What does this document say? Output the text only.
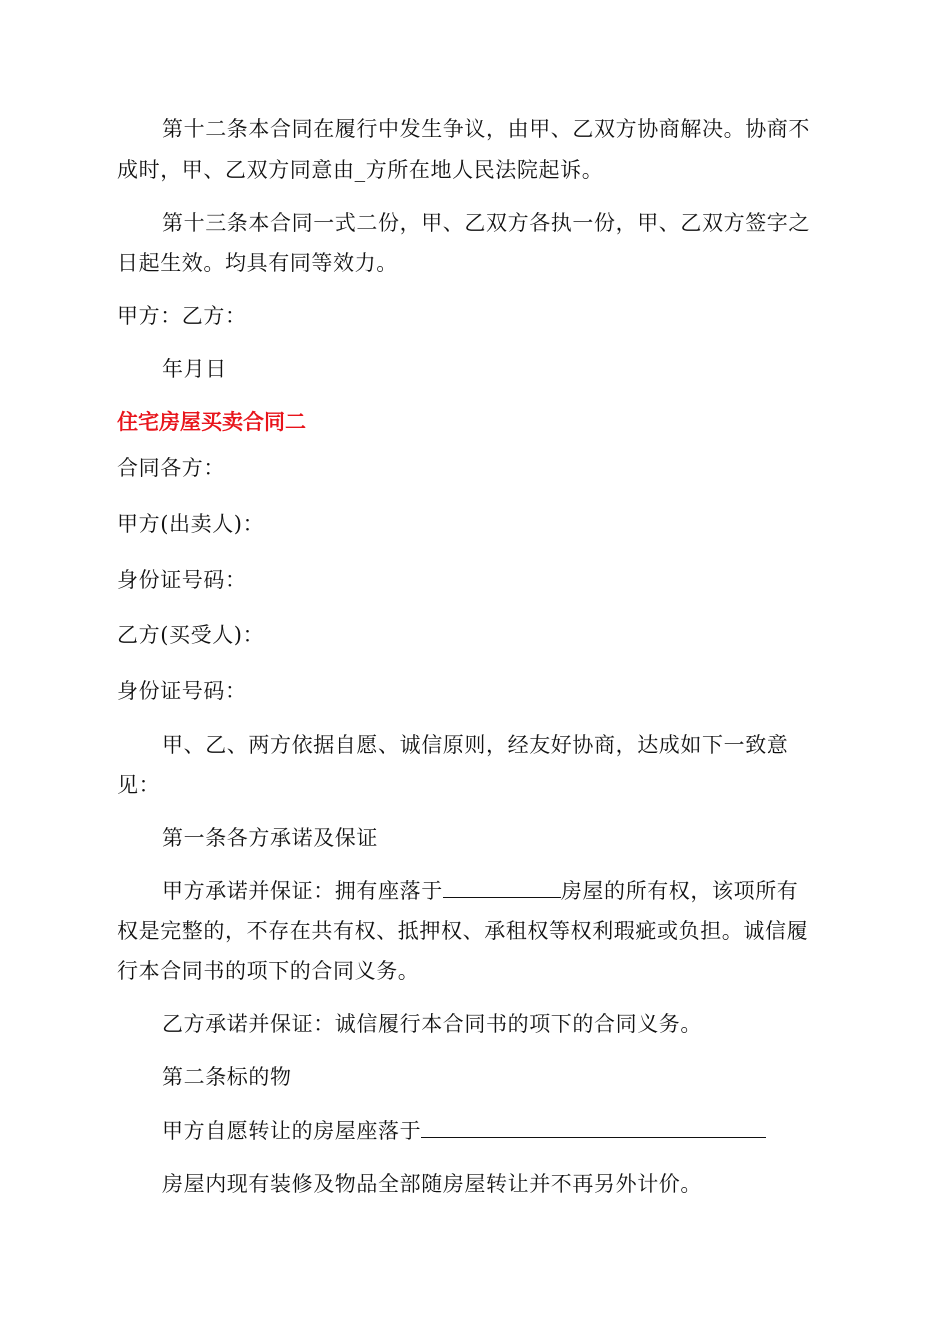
第十二条本合同在履行中发生争议，由甲、乙双方协商解决。协商不
成时，甲、乙双方同意由_方所在地人民法院起诉。
第十三条本合同一式二份，甲、乙双方各执一份，甲、乙双方签字之
日起生效。均具有同等效力。
甲方：乙方：
年月日
住宅房屋买卖合同二
合同各方：
甲方(出卖人)：
身份证号码：
乙方(买受人)：
身份证号码：
甲、乙、两方依据自愿、诚信原则，经友好协商，达成如下一致意
见：
第一条各方承诺及保证
甲方承诺并保证：拥有座落于	房屋的所有权，该项所有
权是完整的，不存在共有权、抵押权、承租权等权利瑕疵或负担。诚信履
行本合同书的项下的合同义务。
乙方承诺并保证：诚信履行本合同书的项下的合同义务。
第二条标的物
甲方自愿转让的房屋座落于
房屋内现有装修及物品全部随房屋转让并不再另外计价。
